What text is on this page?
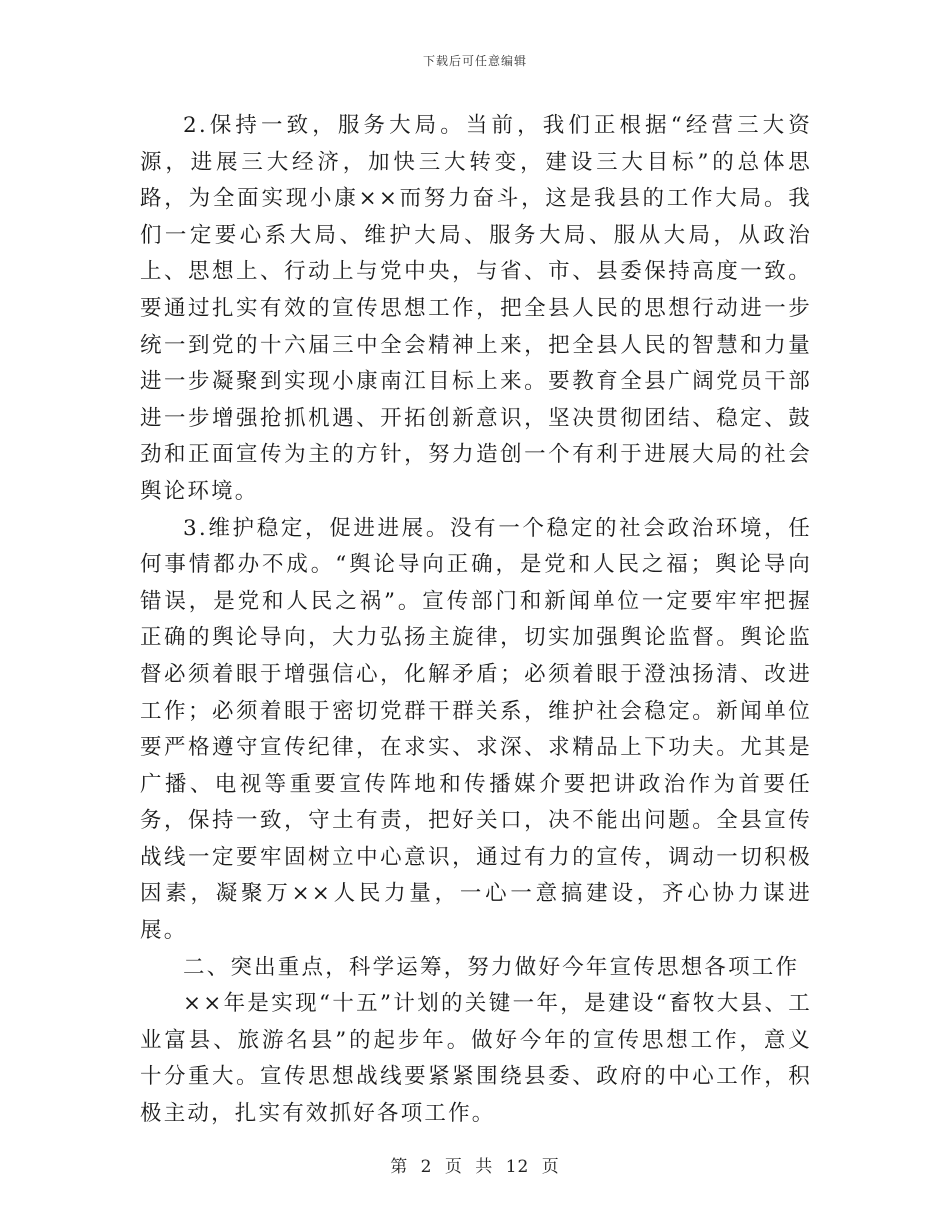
下载后可任意编辑

2.保持一致，服务大局。当前，我们正根据“经营三大资源，进展三大经济，加快三大转变，建设三大目标”的总体思路，为全面实现小康××而努力奋斗，这是我县的工作大局。我们一定要心系大局、维护大局、服务大局、服从大局，从政治上、思想上、行动上与党中央，与省、市、县委保持高度一致。要通过扎实有效的宣传思想工作，把全县人民的思想行动进一步统一到党的十六届三中全会精神上来，把全县人民的智慧和力量进一步凝聚到实现小康南江目标上来。要教育全县广阔党员干部进一步增强抢抓机遇、开拓创新意识，坚决贯彻团结、稳定、鼓劲和正面宣传为主的方针，努力造创一个有利于进展大局的社会舆论环境。

3.维护稳定，促进进展。没有一个稳定的社会政治环境，任何事情都办不成。“舆论导向正确，是党和人民之福；舆论导向错误，是党和人民之祸”。宣传部门和新闻单位一定要牢牢把握正确的舆论导向，大力弘扬主旋律，切实加强舆论监督。舆论监督必须着眼于增强信心，化解矛盾；必须着眼于澄浊扬清、改进工作；必须着眼于密切党群干群关系，维护社会稳定。新闻单位要严格遵守宣传纪律，在求实、求深、求精品上下功夫。尤其是广播、电视等重要宣传阵地和传播媒介要把讲政治作为首要任务，保持一致，守土有责，把好关口，决不能出问题。全县宣传战线一定要牢固树立中心意识，通过有力的宣传，调动一切积极因素，凝聚万××人民力量，一心一意搞建设，齐心协力谋进展。

二、突出重点，科学运筹，努力做好今年宣传思想各项工作

××年是实现“十五”计划的关键一年，是建设“畜牧大县、工业富县、旅游名县”的起步年。做好今年的宣传思想工作，意义十分重大。宣传思想战线要紧紧围绕县委、政府的中心工作，积极主动，扎实有效抓好各项工作。

第 2 页 共 12 页
